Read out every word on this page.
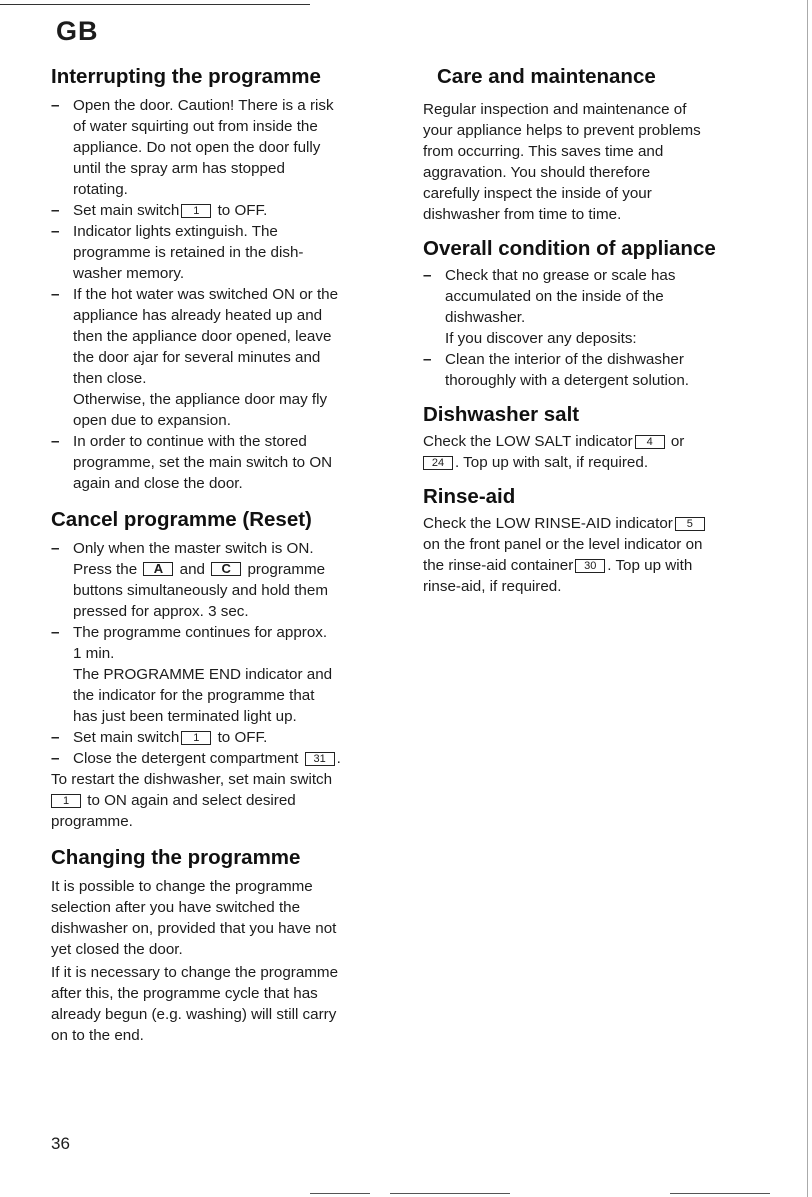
GB
Interrupting the programme
– Open the door. Caution! There is a risk
of water squirting out from inside the
appliance. Do not open the door fully
until the spray arm has stopped
rotating.
– Set main switch 1 to OFF.
– Indicator lights extinguish. The
programme is retained in the dish-
washer memory.
– If the hot water was switched ON or the
appliance has already heated up and
then the appliance door opened, leave
the door ajar for several minutes and
then close.
Otherwise, the appliance door may fly
open due to expansion.
– In order to continue with the stored
programme, set the main switch to ON
again and close the door.
Cancel programme (Reset)
– Only when the master switch is ON.
Press the A and C programme
buttons simultaneously and hold them
pressed for approx. 3 sec.
– The programme continues for approx.
1 min.
The PROGRAMME END indicator and
the indicator for the programme that
has just been terminated light up.
– Set main switch 1 to OFF.
– Close the detergent compartment 31 .

To restart the dishwasher, set main switch
1 to ON again and select desired
programme.

Changing the programme

It is possible to change the programme
selection after you have switched the
dishwasher on, provided that you have not
yet closed the door.

If it is necessary to change the programme
after this, the programme cycle that has
already begun (e.g. washing) will still carry
on to the end.

Care and maintenance

Regular inspection and maintenance of
your appliance helps to prevent problems
from occurring. This saves time and
aggravation. You should therefore
carefully inspect the inside of your
dishwasher from time to time.

Overall condition of appliance
– Check that no grease or scale has
accumulated on the inside of the
dishwasher.
If you discover any deposits:
– Clean the interior of the dishwasher
thoroughly with a detergent solution.
Dishwasher salt

Check the LOW SALT indicator 4 or
24 . Top up with salt, if required.

Rinse-aid

Check the LOW RINSE-AID indicator 5
on the front panel or the level indicator on
the rinse-aid container 30 . Top up with
rinse-aid, if required.

36
